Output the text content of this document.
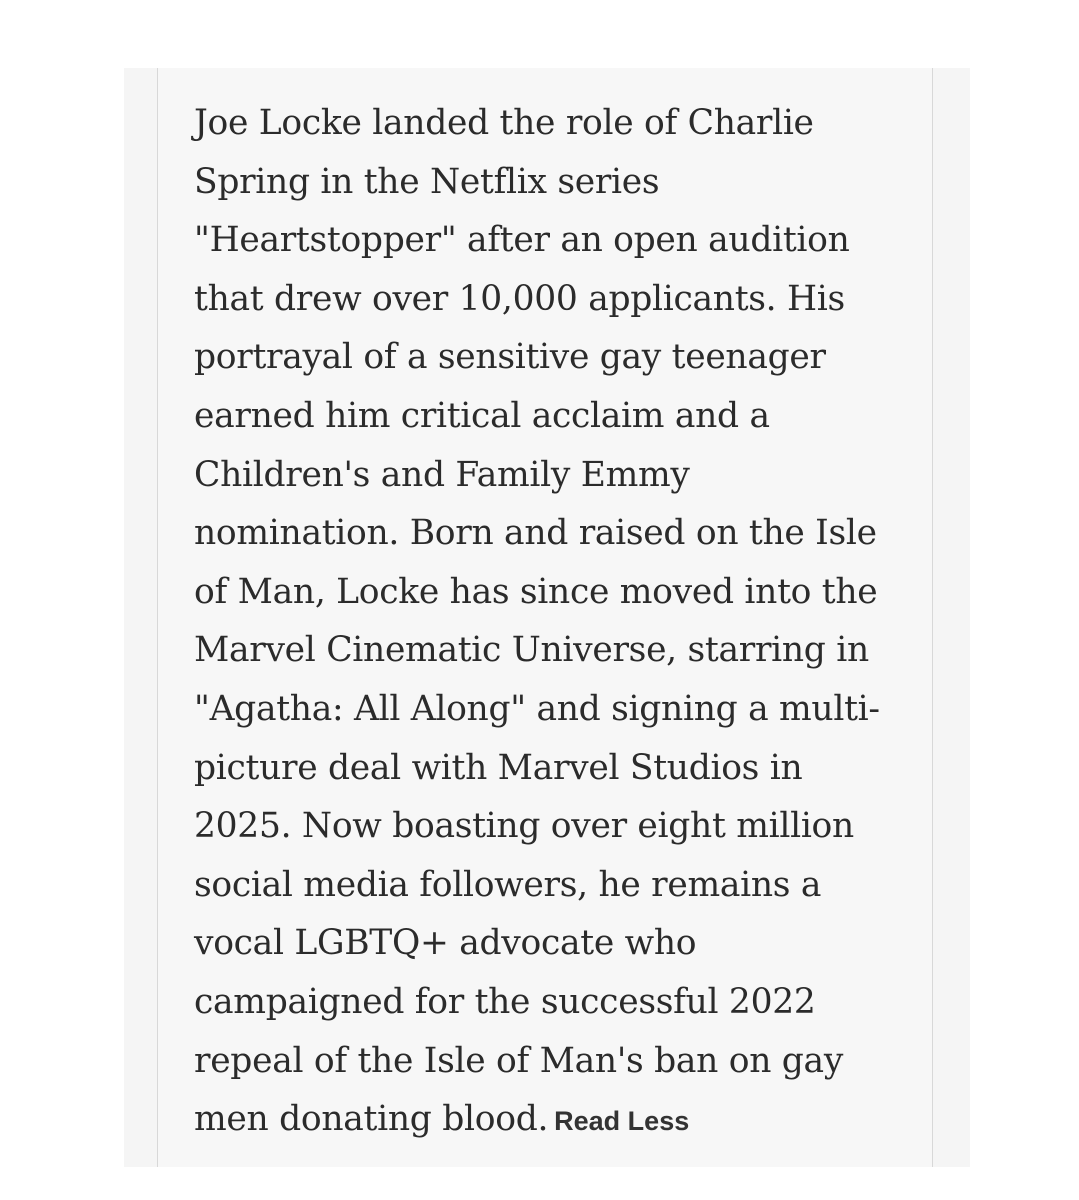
Joe Locke landed the role of Charlie
Spring in the Netflix series
"Heartstopper" after an open audition
that drew over 10,000 applicants. His
portrayal of a sensitive gay teenager
earned him critical acclaim and a
Children's and Family Emmy
nomination. Born and raised on the Isle
of Man, Locke has since moved into the
Marvel Cinematic Universe, starring in
"Agatha: All Along" and signing a multi-
picture deal with Marvel Studios in
2025. Now boasting over eight million
social media followers, he remains a
vocal LGBTQ+ advocate who
campaigned for the successful 2022
repeal of the Isle of Man's ban on gay
men donating blood. Read Less
